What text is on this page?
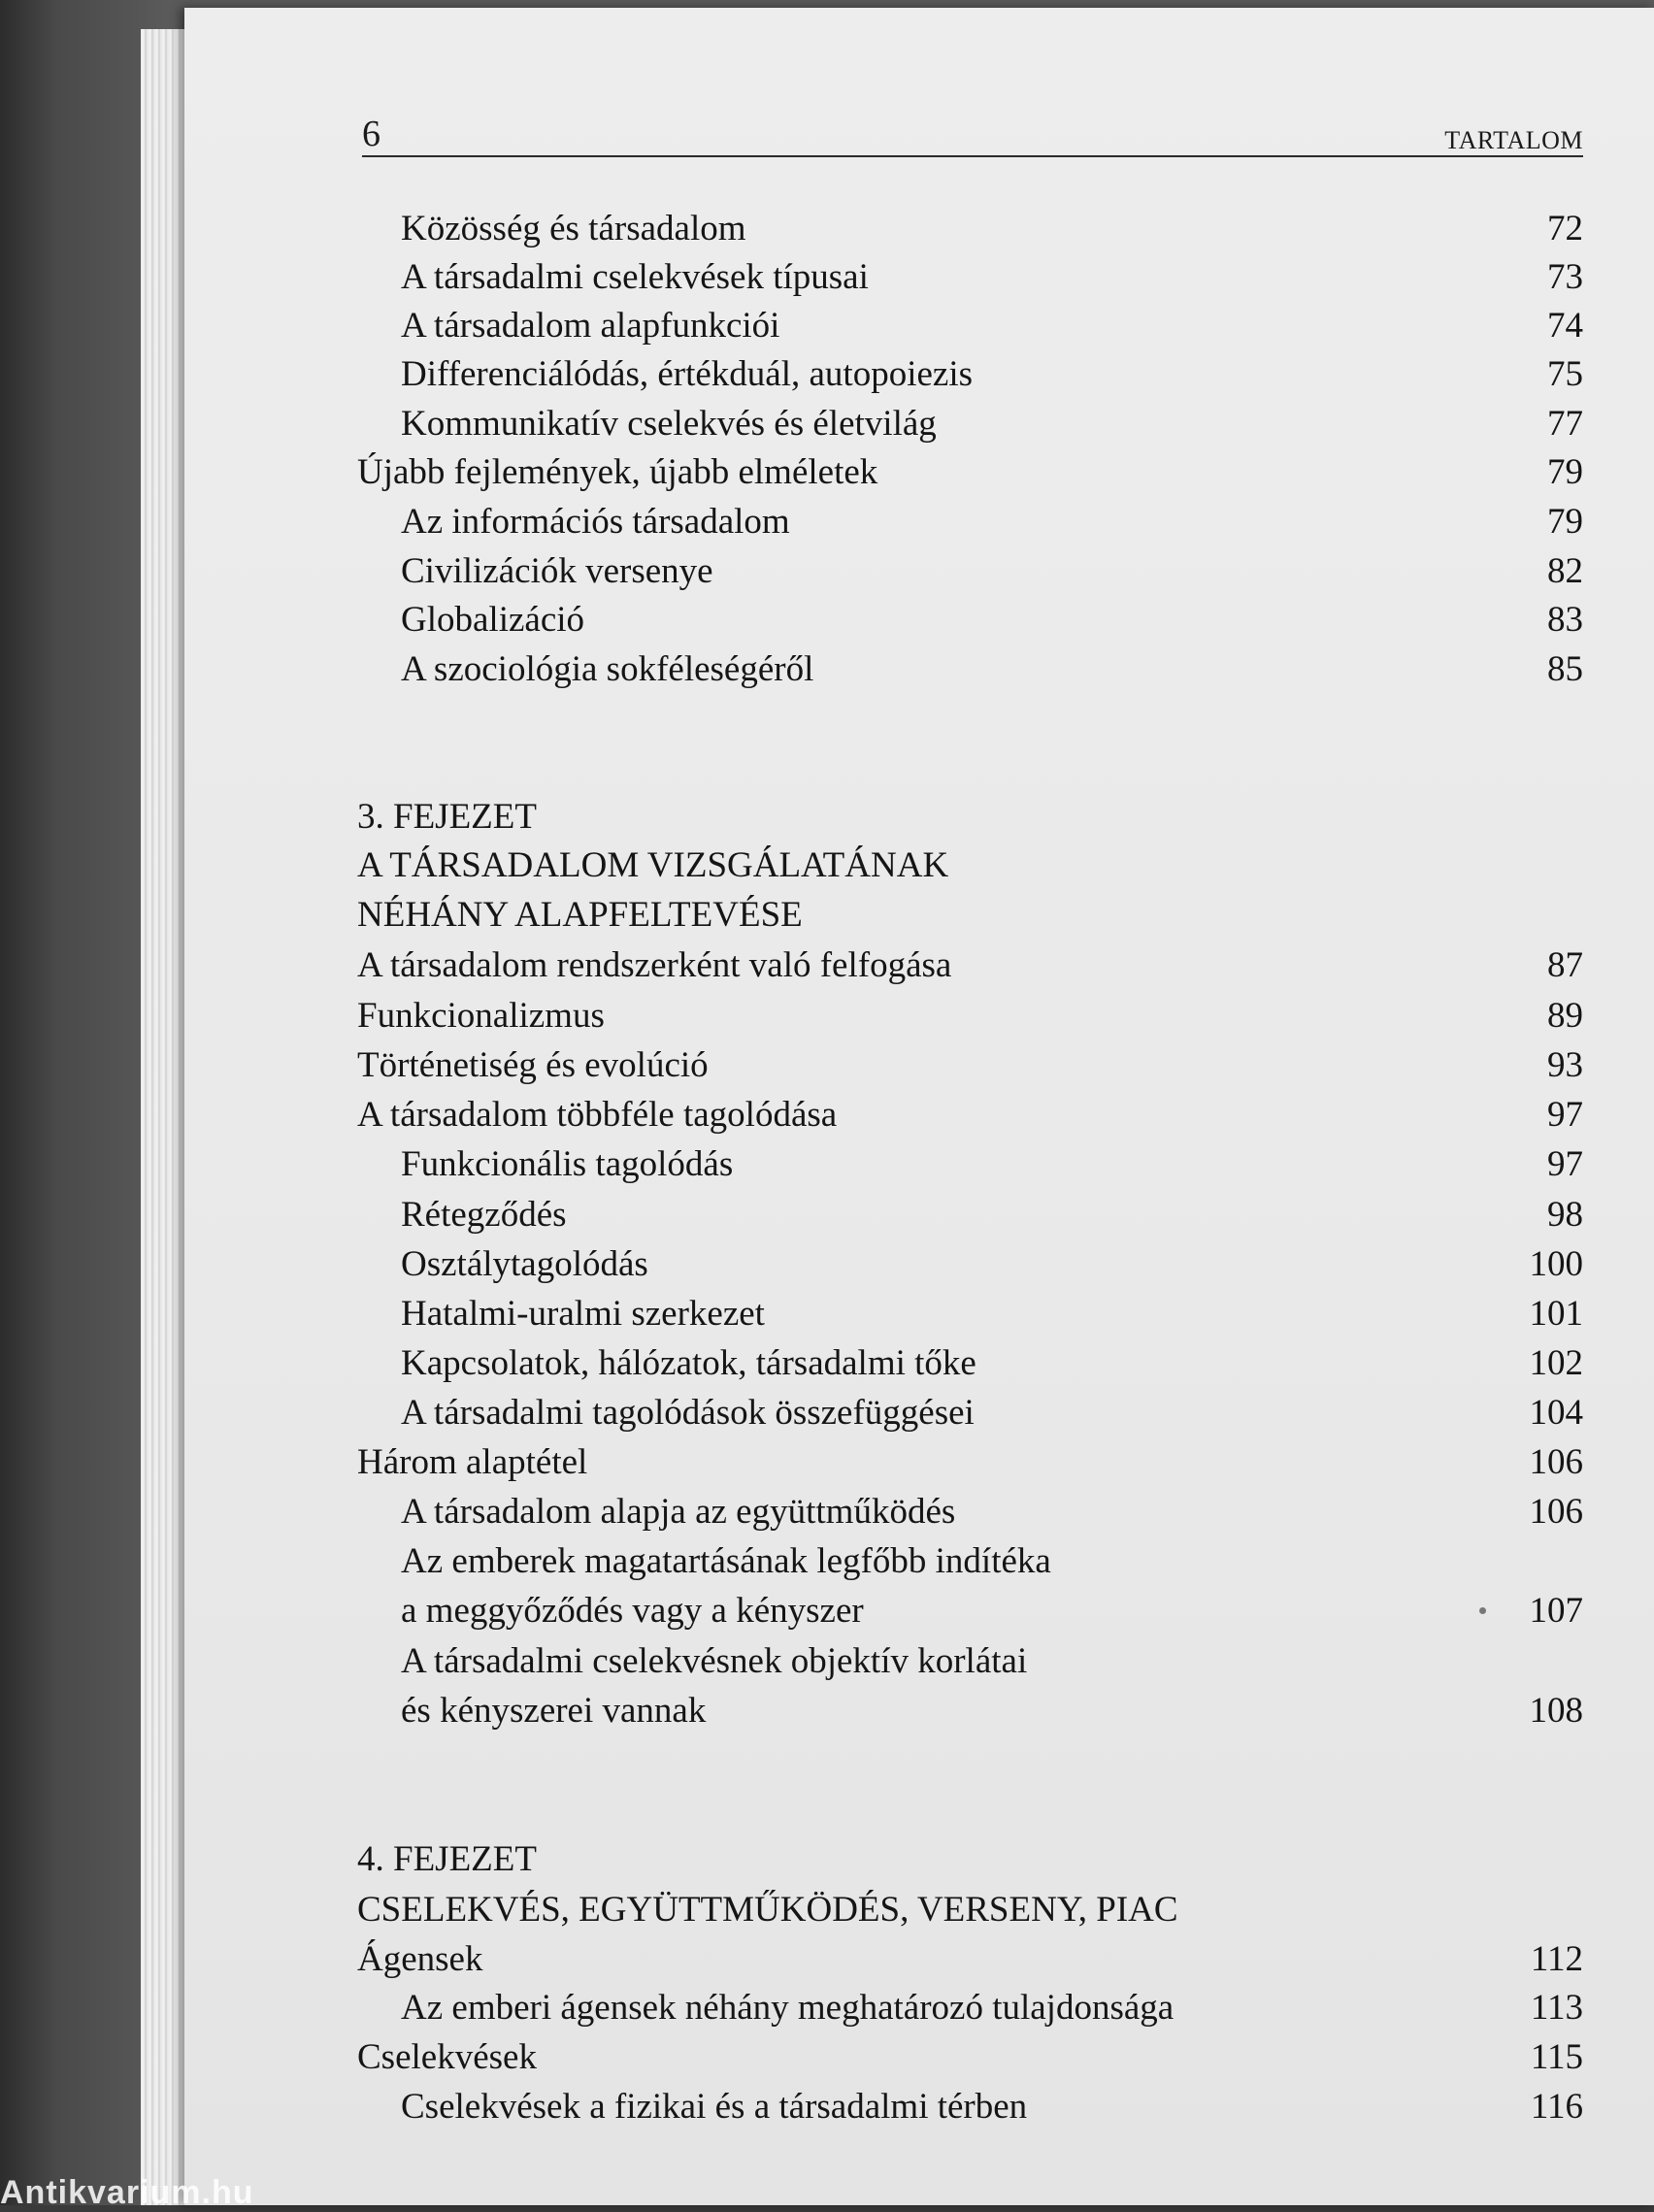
6	TARTALOM
Közösség és társadalom	72
A társadalmi cselekvések típusai	73
A társadalom alapfunkciói	74
Differenciálódás, értékduál, autopoiezis	75
Kommunikatív cselekvés és életvilág	77
Újabb fejlemények, újabb elméletek	79
Az információs társadalom	79
Civilizációk versenye	82
Globalizáció	83
A szociológia sokféleségéről	85
3. FEJEZET
A TÁRSADALOM VIZSGÁLATÁNAK
NÉHÁNY ALAPFELTEVÉSE
A társadalom rendszerként való felfogása	87
Funkcionalizmus	89
Történetiség és evolúció	93
A társadalom többféle tagolódása	97
Funkcionális tagolódás	97
Rétegződés	98
Osztálytagolódás	100
Hatalmi-uralmi szerkezet	101
Kapcsolatok, hálózatok, társadalmi tőke	102
A társadalmi tagolódások összefüggései	104
Három alaptétel	106
A társadalom alapja az együttműködés	106
Az emberek magatartásának legfőbb indítéka
a meggyőződés vagy a kényszer	107
A társadalmi cselekvésnek objektív korlátai
és kényszerei vannak	108
4. FEJEZET
CSELEKVÉS, EGYÜTTMŰKÖDÉS, VERSENY, PIAC
Ágensek	112
Az emberi ágensek néhány meghatározó tulajdonsága	113
Cselekvések	115
Cselekvések a fizikai és a társadalmi térben	116
Antikvarium.hu
